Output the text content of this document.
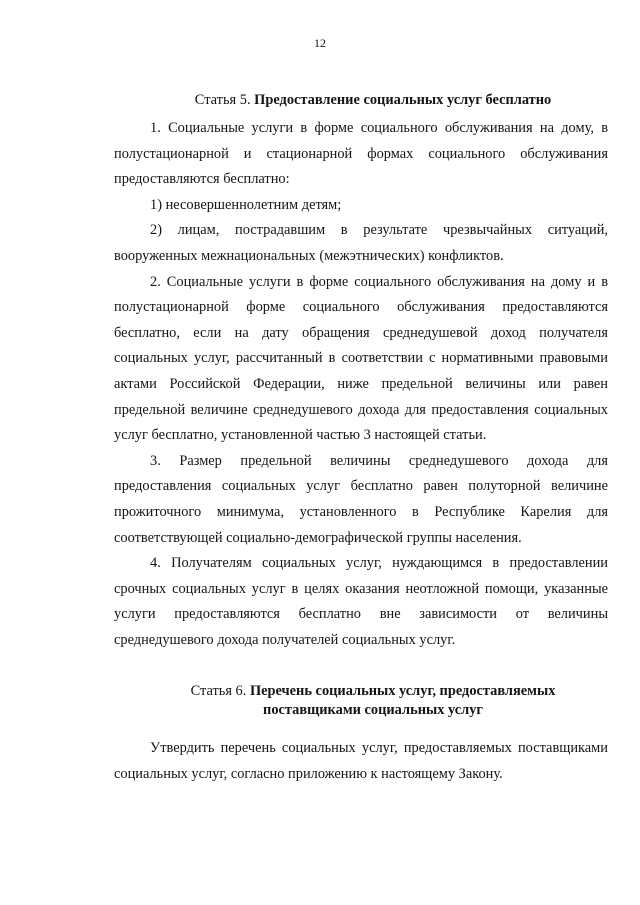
12

Статья 5. Предоставление социальных услуг бесплатно

1. Социальные услуги в форме социального обслуживания на дому, в полустационарной и стационарной формах социального обслуживания предоставляются бесплатно:

1) несовершеннолетним детям;

2) лицам, пострадавшим в результате чрезвычайных ситуаций, вооруженных межнациональных (межэтнических) конфликтов.

2. Социальные услуги в форме социального обслуживания на дому и в полустационарной форме социального обслуживания предоставляются бесплатно, если на дату обращения среднедушевой доход получателя социальных услуг, рассчитанный в соответствии с нормативными правовыми актами Российской Федерации, ниже предельной величины или равен предельной величине среднедушевого дохода для предоставления социальных услуг бесплатно, установленной частью 3 настоящей статьи.

3. Размер предельной величины среднедушевого дохода для предоставления социальных услуг бесплатно равен полуторной величине прожиточного минимума, установленного в Республике Карелия для соответствующей социально-демографической группы населения.

4. Получателям социальных услуг, нуждающимся в предоставлении срочных социальных услуг в целях оказания неотложной помощи, указанные услуги предоставляются бесплатно вне зависимости от величины среднедушевого дохода получателей социальных услуг.

Статья 6. Перечень социальных услуг, предоставляемых
поставщиками социальных услуг

Утвердить перечень социальных услуг, предоставляемых поставщиками социальных услуг, согласно приложению к настоящему Закону.
